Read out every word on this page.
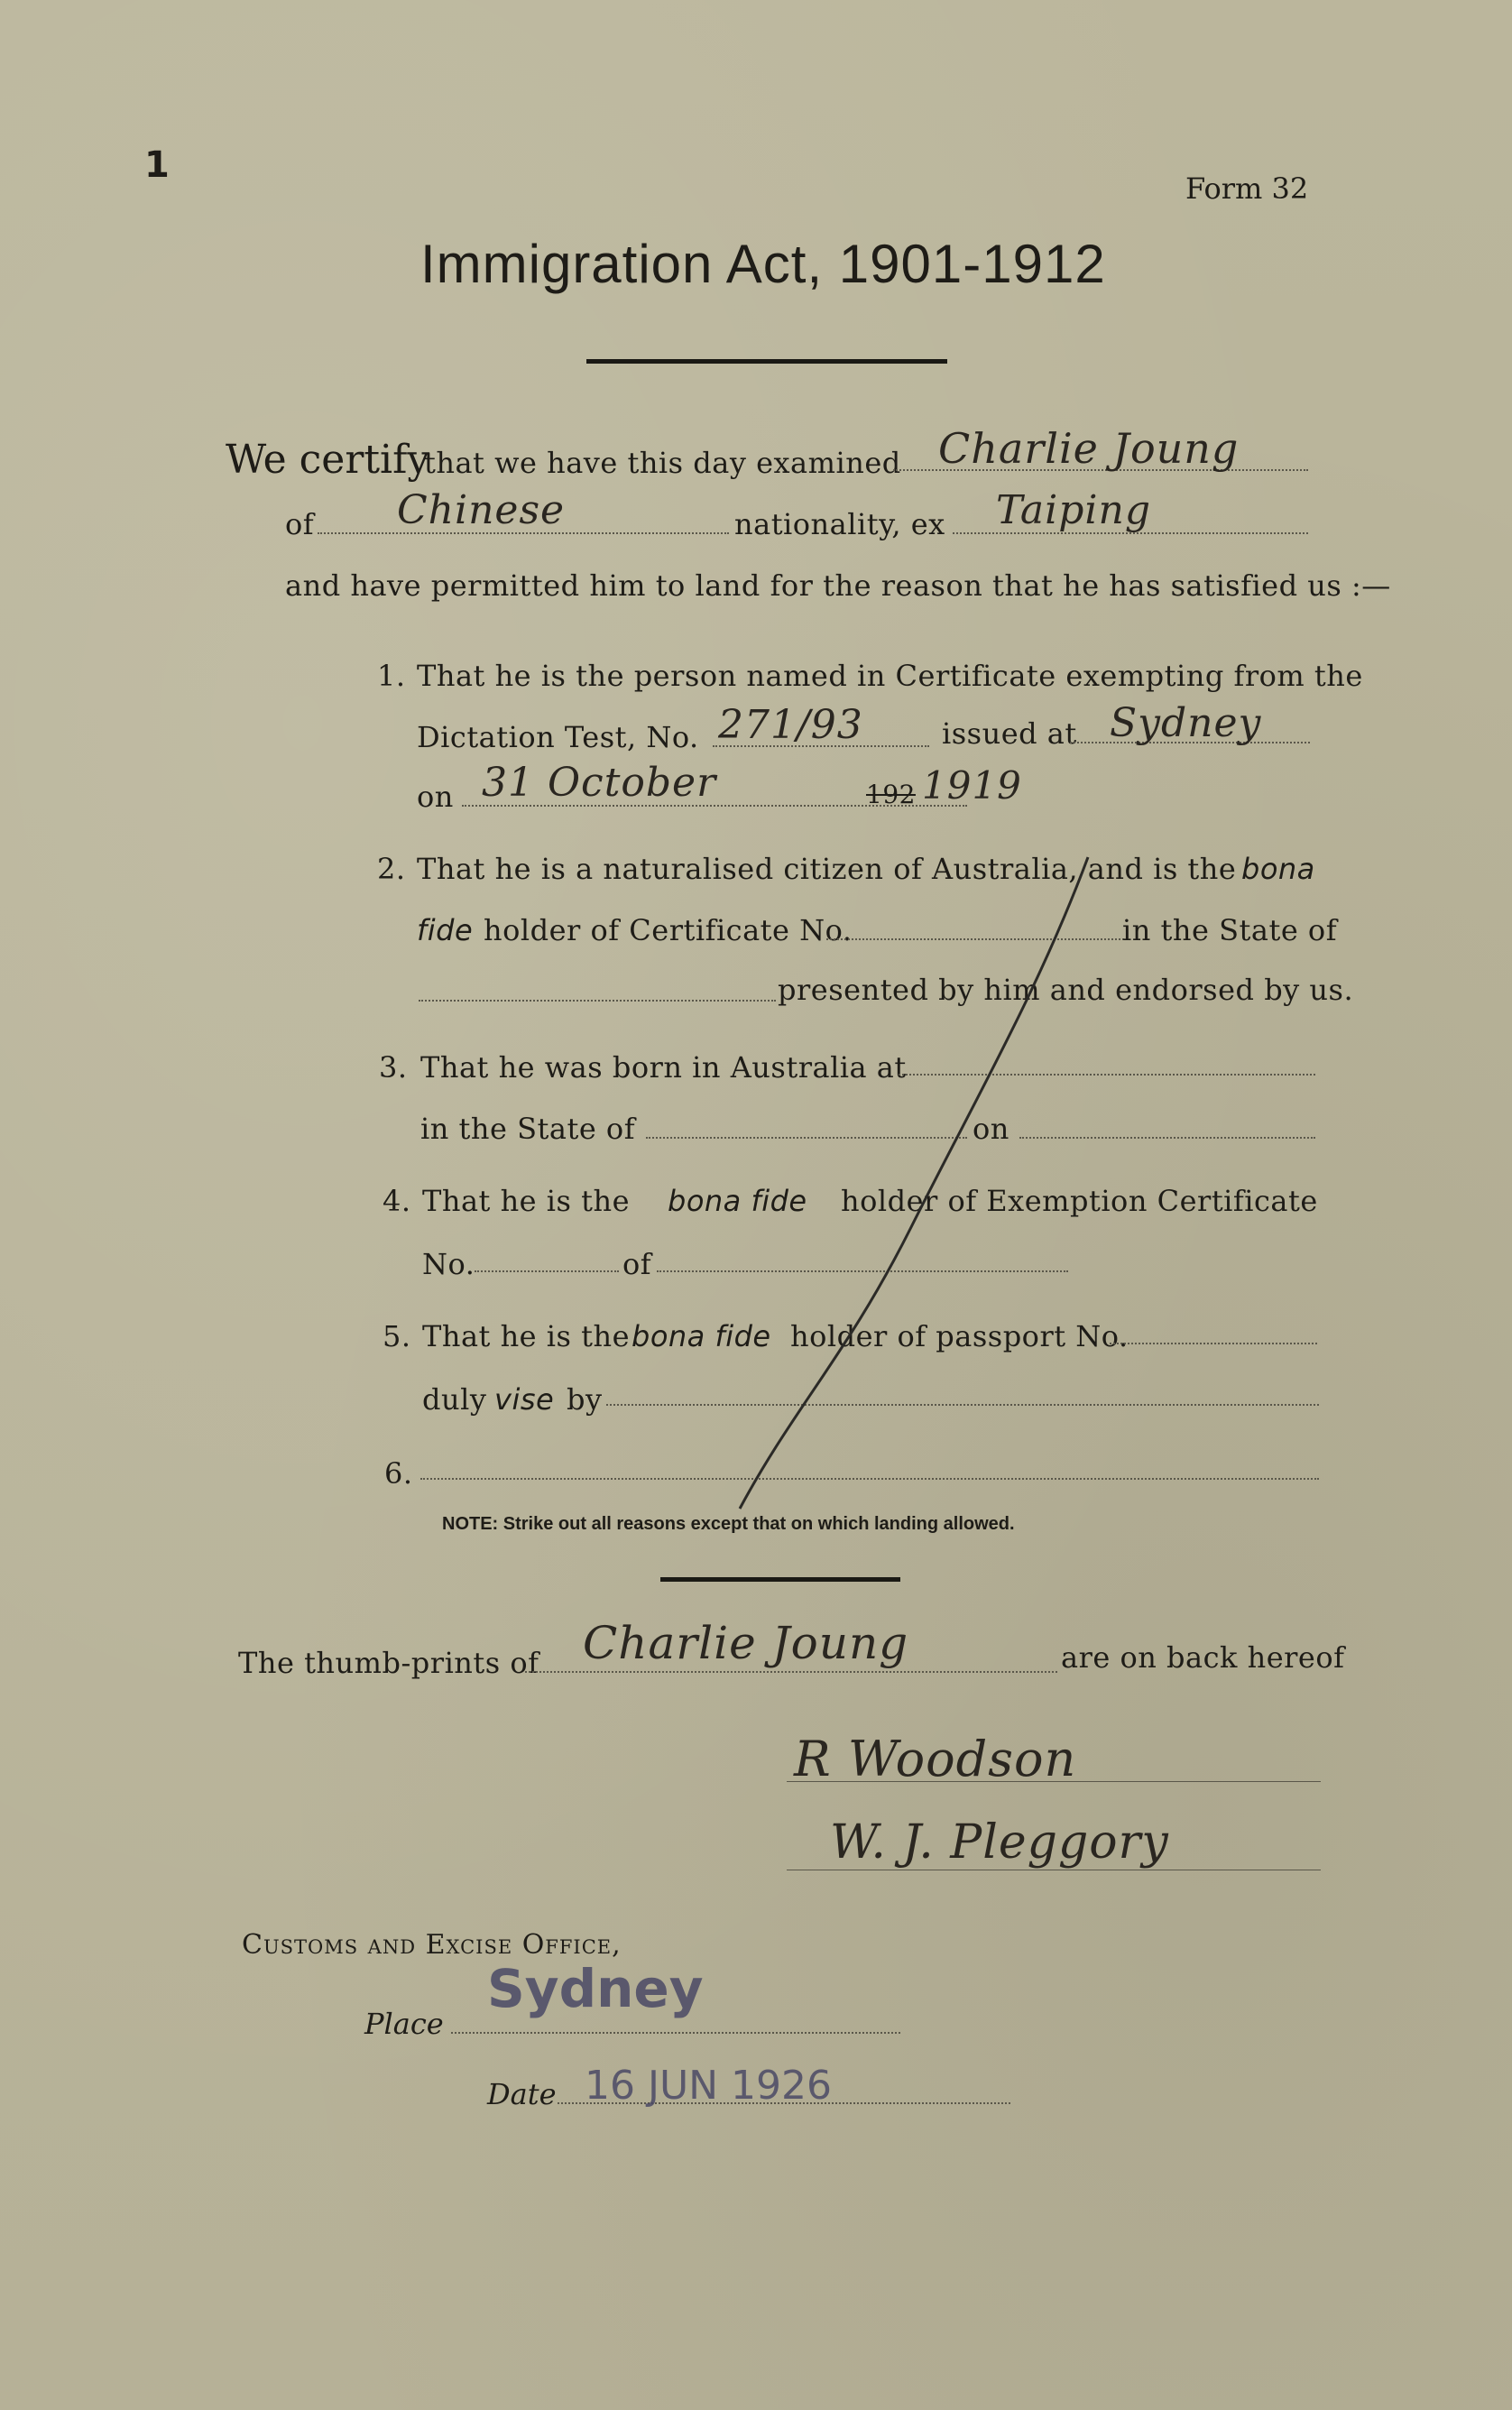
1
Form 32
Immigration Act, 1901-1912
We certify
that we have this day examined Charlie Joung
of Chinese	nationality, ex Taiping
and have permitted him to land for the reason that he has satisfied us :—
1. That he is the person named in Certificate exempting from the
Dictation Test, No. 271/93	issued at Sydney
on 31 October	192 1919
2. That he is a naturalised citizen of Australia, and is the bona
fide holder of Certificate No.	in the State of
presented by him and endorsed by us.
3. That he was born in Australia at
in the State of	on
4. That he is the bona fide holder of Exemption Certificate
No.	of
5. That he is the bona fide holder of passport No.
duly vise by
6.
NOTE: Strike out all reasons except that on which landing allowed.
The thumb-prints of Charlie Joung	are on back hereof
R Woodson
W. J. Pleggory
Customs and Excise Office,
Place
Sydney
Date 16 JUN 1926
